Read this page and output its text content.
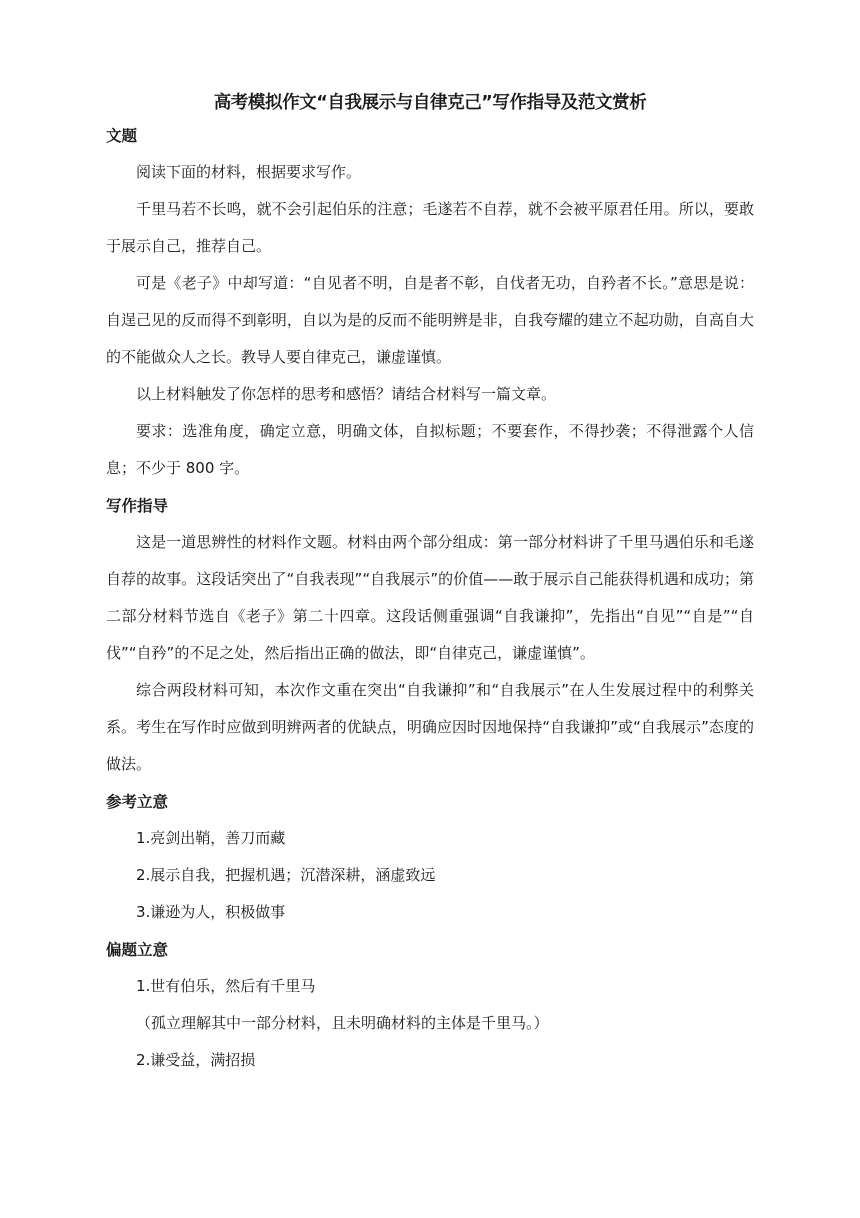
高考模拟作文“自我展示与自律克己”写作指导及范文赏析
文题

阅读下面的材料，根据要求写作。

千里马若不长鸣，就不会引起伯乐的注意；毛遂若不自荐，就不会被平原君任用。所以，要敢于展示自己，推荐自己。

可是《老子》中却写道：“自见者不明，自是者不彰，自伐者无功，自矜者不长。”意思是说：自逞己见的反而得不到彰明，自以为是的反而不能明辨是非，自我夸耀的建立不起功勋，自高自大的不能做众人之长。教导人要自律克己，谦虚谨慎。

以上材料触发了你怎样的思考和感悟？请结合材料写一篇文章。

要求：选准角度，确定立意，明确文体，自拟标题；不要套作，不得抄袭；不得泄露个人信息；不少于 800 字。

写作指导

这是一道思辨性的材料作文题。材料由两个部分组成：第一部分材料讲了千里马遇伯乐和毛遂自荐的故事。这段话突出了“自我表现”“自我展示”的价值——敢于展示自己能获得机遇和成功；第二部分材料节选自《老子》第二十四章。这段话侧重强调“自我谦抑”，先指出“自见”“自是”“自伐”“自矜”的不足之处，然后指出正确的做法，即“自律克己，谦虚谨慎”。

综合两段材料可知，本次作文重在突出“自我谦抑”和“自我展示”在人生发展过程中的利弊关系。考生在写作时应做到明辨两者的优缺点，明确应因时因地保持“自我谦抑”或“自我展示”态度的做法。

参考立意

1.亮剑出鞘，善刀而藏

2.展示自我，把握机遇；沉潜深耕，涵虚致远

3.谦逊为人，积极做事

偏题立意

1.世有伯乐，然后有千里马

（孤立理解其中一部分材料，且未明确材料的主体是千里马。）

2.谦受益，满招损
